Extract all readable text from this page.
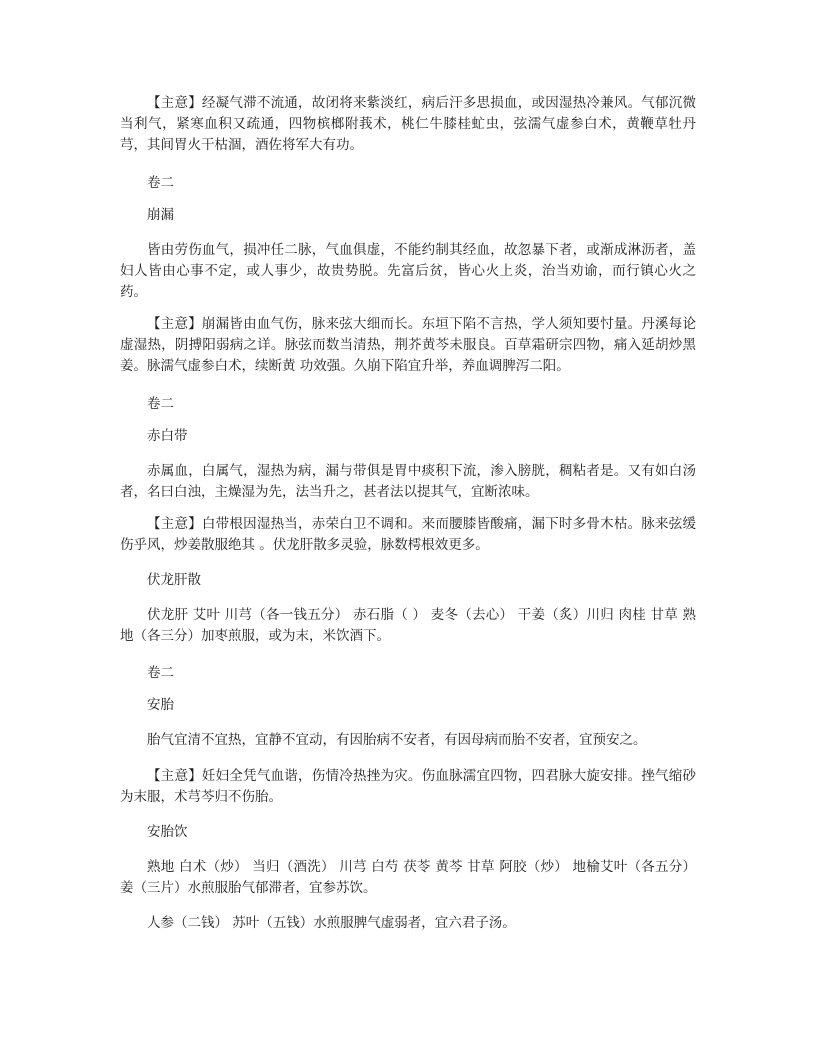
【主意】经凝气滞不流通，故闭将来紫淡红，病后汗多思损血，或因湿热冷兼风。气郁沉微当利气，紧寒血积又疏通，四物槟榔附莪术，桃仁牛膝桂虻虫，弦濡气虚参白术，黄鞭草牡丹芎，其间胃火干枯涸，酒佐将军大有功。

卷二

崩漏

皆由劳伤血气，损冲任二脉，气血俱虚，不能约制其经血，故忽暴下者，或渐成淋沥者，盖妇人皆由心事不定，或人事少，故贵势脱。先富后贫，皆心火上炎，治当劝谕，而行镇心火之药。

【主意】崩漏皆由血气伤，脉来弦大细而长。东垣下陷不言热，学人须知要忖量。丹溪每论虚湿热，阴搏阳弱病之详。脉弦而数当清热，荆芥黄芩未服良。百草霜研宗四物，痛入延胡炒黑姜。脉濡气虚参白术，续断黄 功效强。久崩下陷宜升举，养血调脾泻二阳。

卷二

赤白带

赤属血，白属气，湿热为病，漏与带俱是胃中痰积下流，渗入膀胱，稠粘者是。又有如白汤者，名曰白浊，主燥湿为先，法当升之，甚者法以提其气，宜断浓味。

【主意】白带根因湿热当，赤荣白卫不调和。来而腰膝皆酸痛，漏下时多骨木枯。脉来弦缓伤乎风，炒姜散服绝其 。伏龙肝散多灵验，脉数樗根效更多。

伏龙肝散

伏龙肝 艾叶 川芎（各一钱五分） 赤石脂（ ） 麦冬（去心） 干姜（炙）川归 肉桂 甘草 熟地（各三分）加枣煎服，或为末，米饮酒下。

卷二

安胎

胎气宜清不宜热，宜静不宜动，有因胎病不安者，有因母病而胎不安者，宜预安之。

【主意】妊妇全凭气血谐，伤情冷热挫为灾。伤血脉濡宜四物，四君脉大旋安排。挫气缩砂为末服，术芎芩归不伤胎。

安胎饮

熟地 白术（炒） 当归（酒洗） 川芎 白芍 茯苓 黄芩 甘草 阿胶（炒） 地榆艾叶（各五分） 姜（三片）水煎服胎气郁滞者，宜参苏饮。

人参（二钱） 苏叶（五钱）水煎服脾气虚弱者，宜六君子汤。
